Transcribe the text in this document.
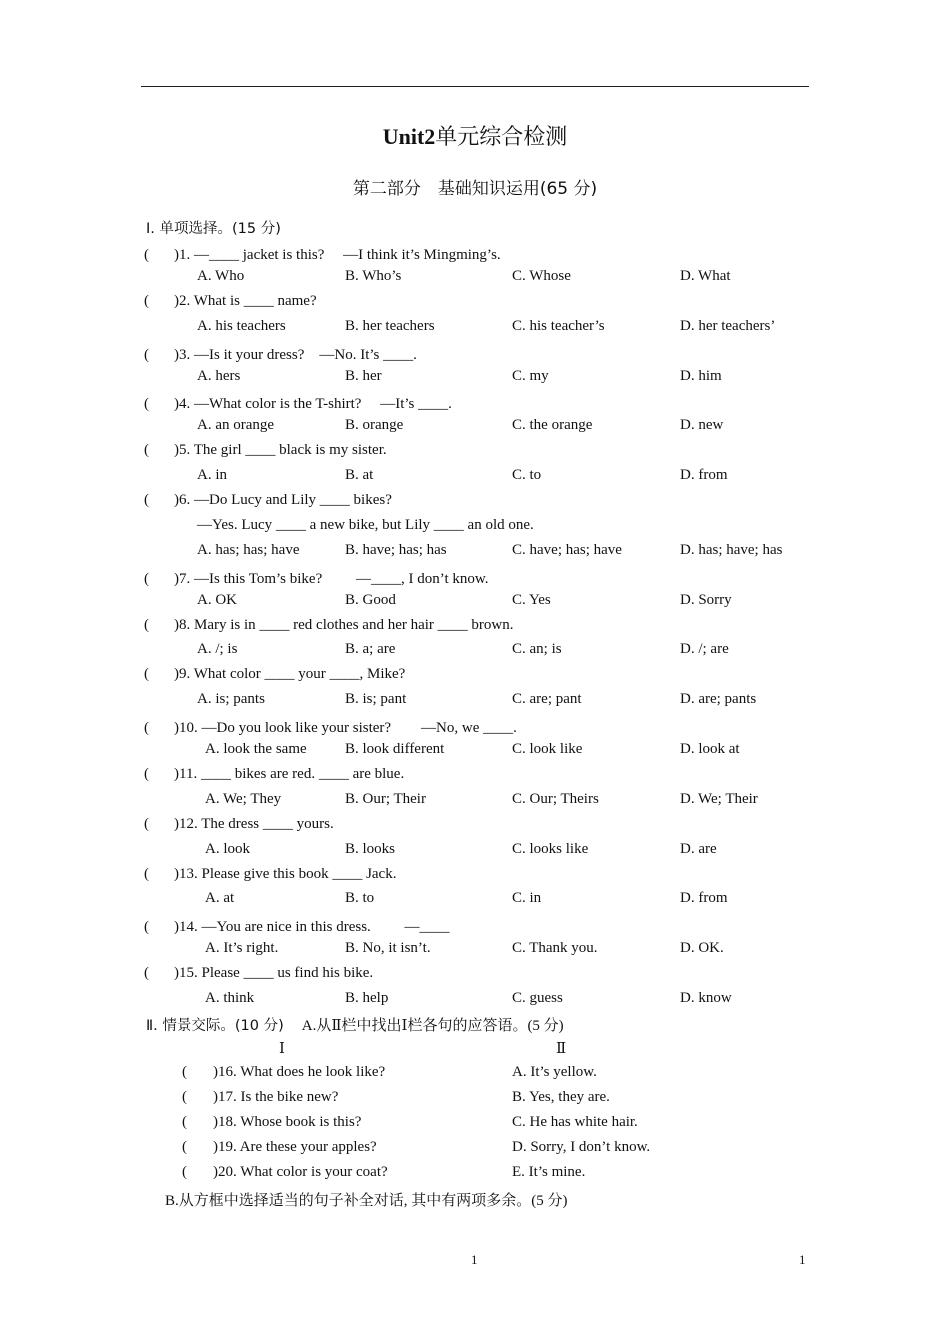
Unit2单元综合检测
第二部分　基础知识运用(65 分)
Ⅰ. 单项选择。(15 分)
( )1. —____ jacket is this?　 —I think it’s Mingming’s.
A. Who	B. Who’s	C. Whose	D. What
( )2. What is ____ name?
A. his teachers	B. her teachers	C. his teacher’s	D. her teachers’
( )3. —Is it your dress?　—No. It’s ____.
A. hers	B. her	C. my	D. him
( )4. —What color is the T-shirt?　 —It’s ____.
A. an orange	B. orange	C. the orange	D. new
( )5. The girl ____ black is my sister.
A. in	B. at	C. to	D. from
( )6. —Do Lucy and Lily ____ bikes?
—Yes. Lucy ____ a new bike, but Lily ____ an old one.
A. has; has; have	B. have; has; has	C. have; has; have	D. has; have; has
( )7. —Is this Tom’s bike?　　 —____, I don’t know.
A. OK	B. Good	C. Yes	D. Sorry
( )8. Mary is in ____ red clothes and her hair ____ brown.
A. /; is	B. a; are	C. an; is	D. /; are
( )9. What color ____ your ____, Mike?
A. is; pants	B. is; pant	C. are; pant	D. are; pants
( )10. —Do you look like your sister?　　—No, we ____.
A. look the same	B. look different	C. look like	D. look at
( )11. ____ bikes are red. ____ are blue.
A. We; They	B. Our; Their	C. Our; Theirs	D. We; Their
( )12. The dress ____ yours.
A. look	B. looks	C. looks like	D. are
( )13. Please give this book ____ Jack.
A. at	B. to	C. in	D. from
( )14. —You are nice in this dress.　　 —____
A. It’s right.	B. No, it isn’t.	C. Thank you.	D. OK.
( )15. Please ____ us find his bike.
A. think	B. help	C. guess	D. know
Ⅱ. 情景交际。(10 分) A.从Ⅱ栏中找出Ⅰ栏各句的应答语。(5 分)
Ⅰ	Ⅱ
( )16. What does he look like?	A. It’s yellow.
( )17. Is the bike new?	B. Yes, they are.
( )18. Whose book is this?	C. He has white hair.
( )19. Are these your apples?	D. Sorry, I don’t know.
( )20. What color is your coat?	E. It’s mine.
B.从方框中选择适当的句子补全对话, 其中有两项多余。(5 分)
1	1
